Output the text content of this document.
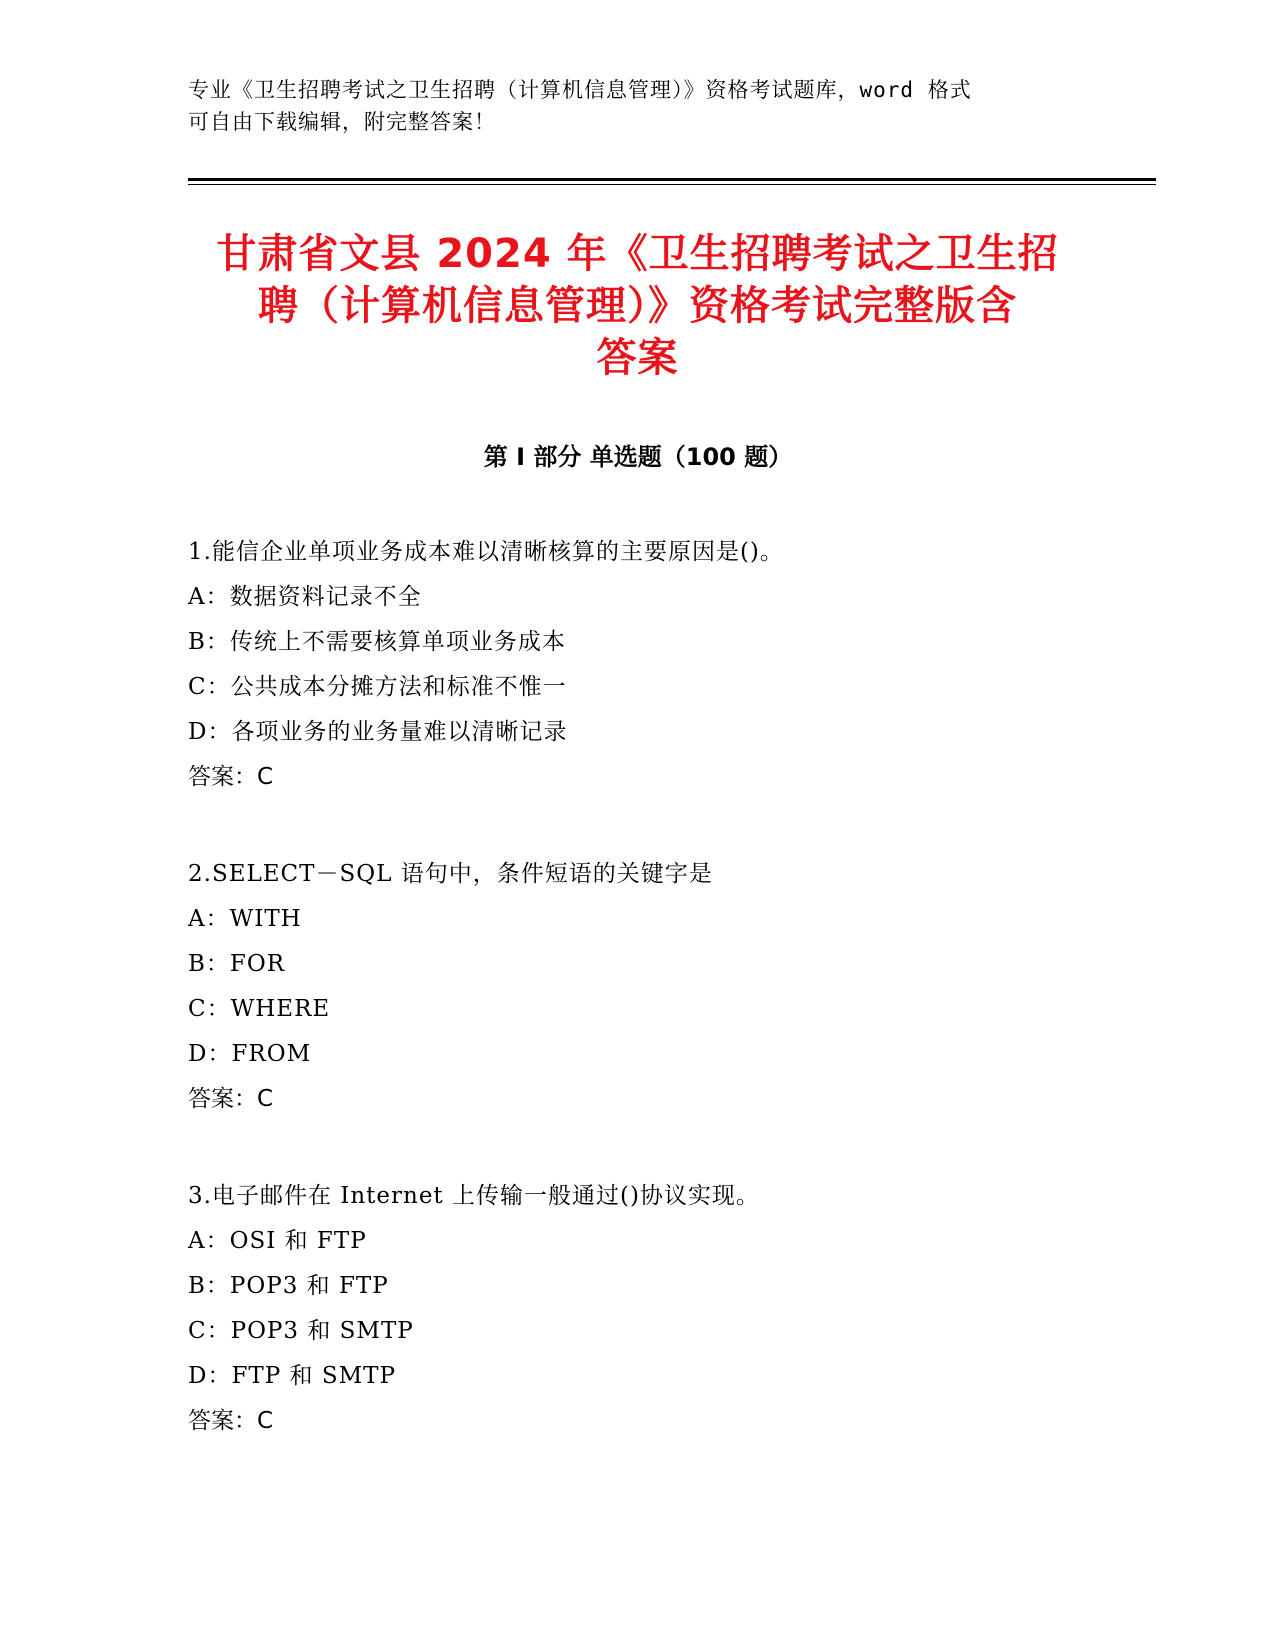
专业《卫生招聘考试之卫生招聘（计算机信息管理）》资格考试题库，word 格式
可自由下载编辑，附完整答案！
甘肃省文县 2024 年《卫生招聘考试之卫生招
聘（计算机信息管理）》资格考试完整版含
答案
第 I 部分 单选题（100 题）
1.能信企业单项业务成本难以清晰核算的主要原因是()。
A：数据资料记录不全
B：传统上不需要核算单项业务成本
C：公共成本分摊方法和标准不惟一
D：各项业务的业务量难以清晰记录
答案：C
2.SELECT－SQL 语句中，条件短语的关键字是
A：WITH
B：FOR
C：WHERE
D：FROM
答案：C
3.电子邮件在 Internet 上传输一般通过()协议实现。
A：OSI 和 FTP
B：POP3 和 FTP
C：POP3 和 SMTP
D：FTP 和 SMTP
答案：C
